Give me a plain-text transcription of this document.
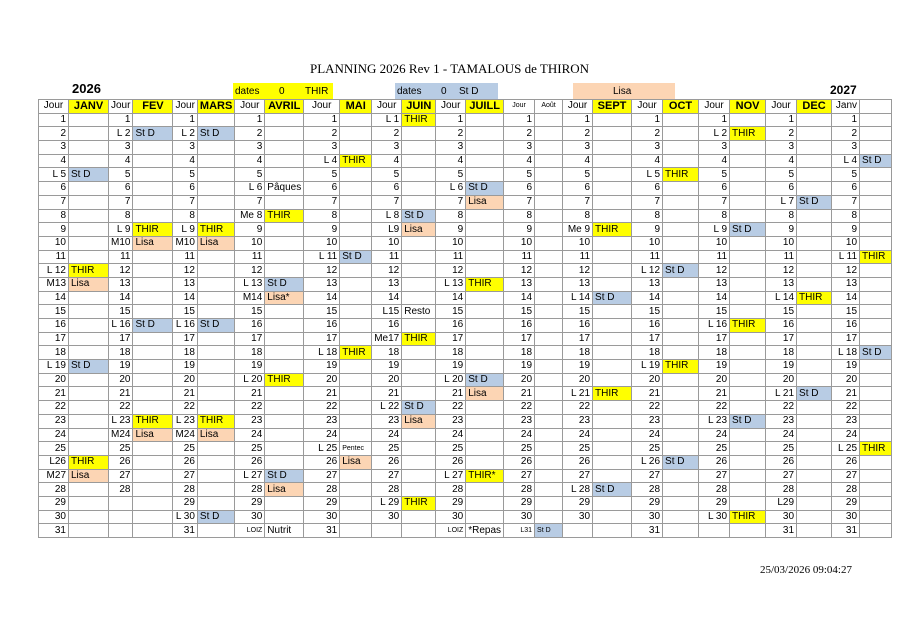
PLANNING 2026 Rev 1 - TAMALOUS de THIRON
2026	2027
dates 0 THIR	dates 0 St D	Lisa
Jour	JANV	Jour	FEV	Jour	MARS	Jour	AVRIL	Jour	MAI	Jour	JUIN	Jour	JUILL	Jour	Août	Jour	SEPT	Jour	OCT	Jour	NOV	Jour	DEC	Janv	
1		1		1		1		1		L 1	THIR	1		1		1		1		1		1		1	
2		L 2	St D	L 2	St D	2		2		2		2		2		2		2		L 2	THIR	2		2	
3		3		3		3		3		3		3		3		3		3		3		3		3	
4		4		4		4		L 4	THIR	4		4		4		4		4		4		4		L 4	St D
L 5	St D	5		5		5		5		5		5		5		5		L 5	THIR	5		5		5	
6		6		6		L 6	Pâques	6		6		L 6	St D	6		6		6		6		6		6	
7		7		7		7		7		7		7	Lisa	7		7		7		7		L 7	St D	7	
8		8		8		Me 8	THIR	8		L 8	St D	8		8		8		8		8		8		8	
9		L 9	THIR	L 9	THIR	9		9		L9	Lisa	9		9		Me 9	THIR	9		L 9	St D	9		9	
10		M10	Lisa	M10	Lisa	10		10		10		10		10		10		10		10		10		10	
11		11		11		11		L 11	St D	11		11		11		11		11		11		11		L 11	THIR
L 12	THIR	12		12		12		12		12		12		12		12		L 12	St D	12		12		12	
M13	Lisa	13		13		L 13	St D	13		13		L 13	THIR	13		13		13		13		13		13	
14		14		14		M14	Lisa*	14		14		14		14		L 14	St D	14		14		L 14	THIR	14	
15		15		15		15		15		L15	Resto	15		15		15		15		15		15		15	
16		L 16	St D	L 16	St D	16		16		16		16		16		16		16		L 16	THIR	16		16	
17		17		17		17		17		Me17	THIR	17		17		17		17		17		17		17	
18		18		18		18		L 18	THIR	18		18		18		18		18		18		18		L 18	St D
L 19	St D	19		19		19		19		19		19		19		19		L 19	THIR	19		19		19	
20		20		20		L 20	THIR	20		20		L 20	St D	20		20		20		20		20		20	
21		21		21		21		21		21		21	Lisa	21		L 21	THIR	21		21		L 21	St D	21	
22		22		22		22		22		L 22	St D	22		22		22		22		22		22		22	
23		L 23	THIR	L 23	THIR	23		23		23	Lisa	23		23		23		23		L 23	St D	23		23	
24		M24	Lisa	M24	Lisa	24		24		24		24		24		24		24		24		24		24	
25		25		25		25		L 25	Pentec	25		25		25		25		25		25		25		L 25	THIR
L26	THIR	26		26		26		26	Lisa	26		26		26		26		L 26	St D	26		26		26	
M27	Lisa	27		27		L 27	St D	27		27		L 27	THIR*	27		27		27		27		27		27	
28		28		28		28	Lisa	28		28		28		28		L 28	St D	28		28		28		28	
29				29		29		29		L 29	THIR	29		29		29		29		29		L29		29	
30				L 30	St D	30		30		30		30		30		30		30		L 30	THIR	30		30	
31				31		LOIZ	Nutrit	31				LOIZ	*Repas	L31	St D			31				31		31	
25/03/2026 09:04:27
